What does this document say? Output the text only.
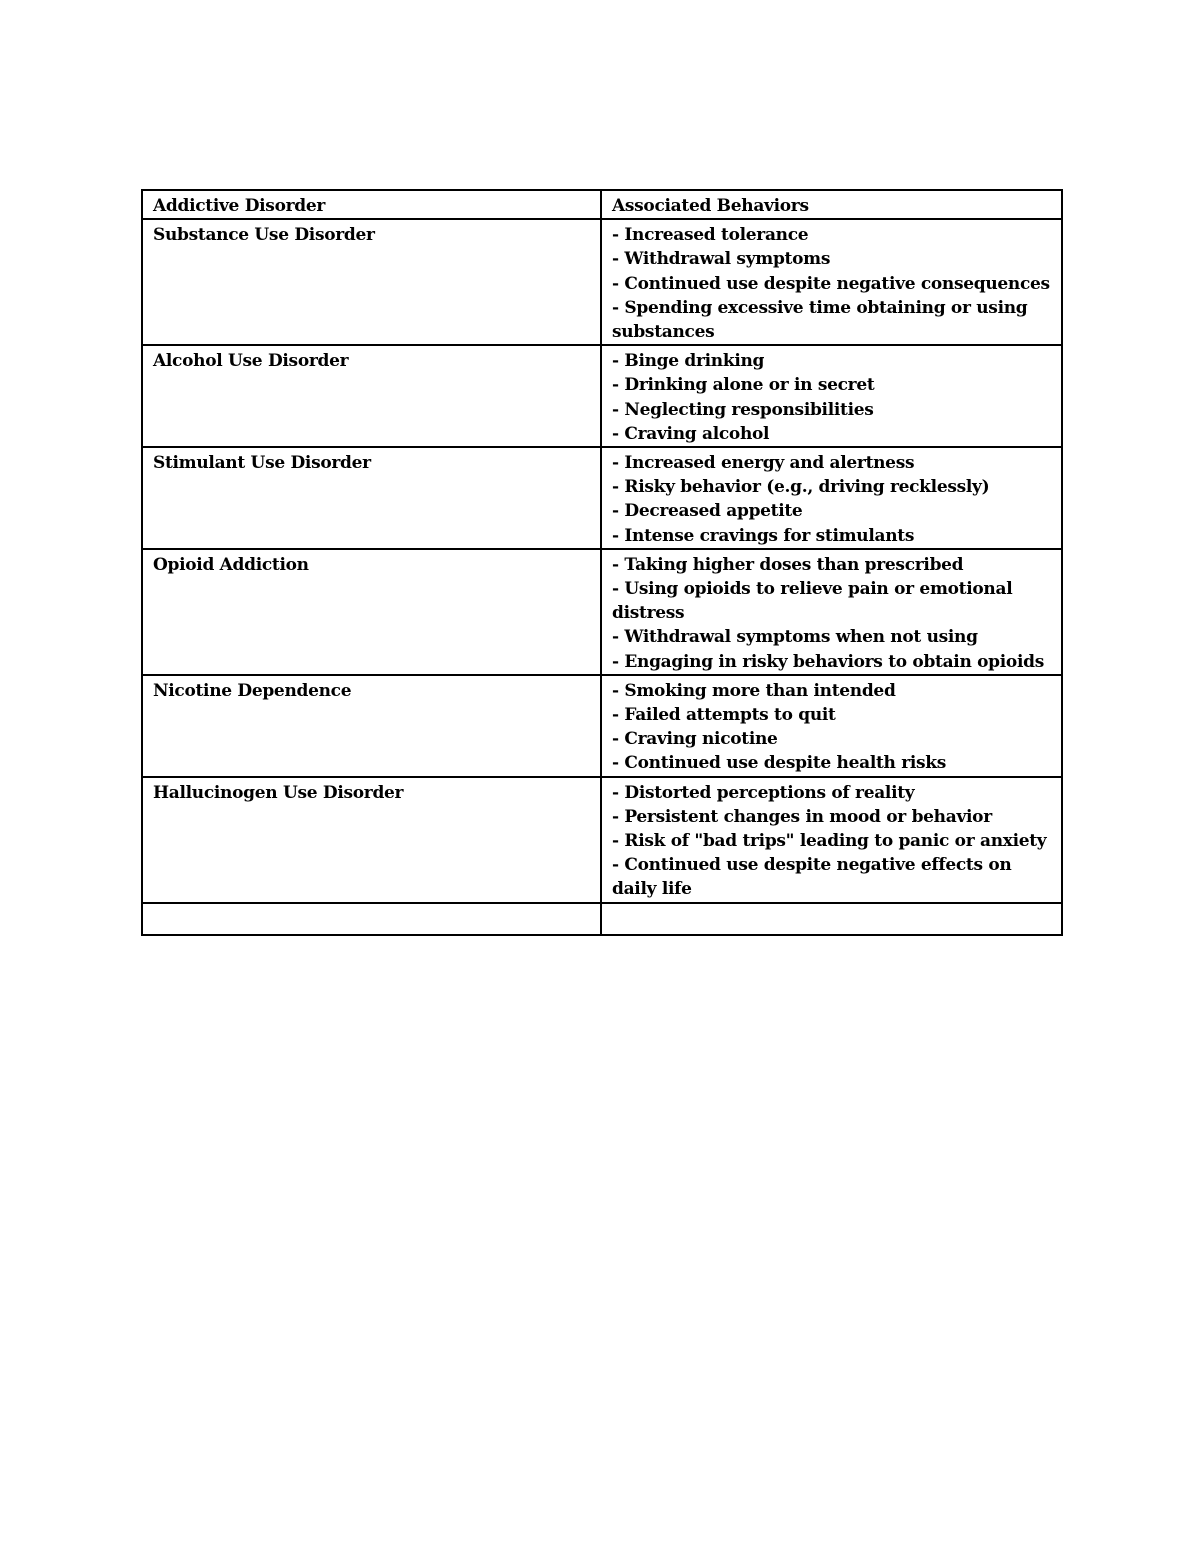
Addictive Disorder	Associated Behaviors
Substance Use Disorder	- Increased tolerance
- Withdrawal symptoms
- Continued use despite negative consequences
- Spending excessive time obtaining or using substances

Alcohol Use Disorder	- Binge drinking
- Drinking alone or in secret
- Neglecting responsibilities
- Craving alcohol

Stimulant Use Disorder	- Increased energy and alertness
- Risky behavior (e.g., driving recklessly)
- Decreased appetite
- Intense cravings for stimulants

Opioid Addiction	- Taking higher doses than prescribed
- Using opioids to relieve pain or emotional distress
- Withdrawal symptoms when not using
- Engaging in risky behaviors to obtain opioids

Nicotine Dependence	- Smoking more than intended
- Failed attempts to quit
- Craving nicotine
- Continued use despite health risks

Hallucinogen Use Disorder	- Distorted perceptions of reality
- Persistent changes in mood or behavior
- Risk of "bad trips" leading to panic or anxiety
- Continued use despite negative effects on daily life
